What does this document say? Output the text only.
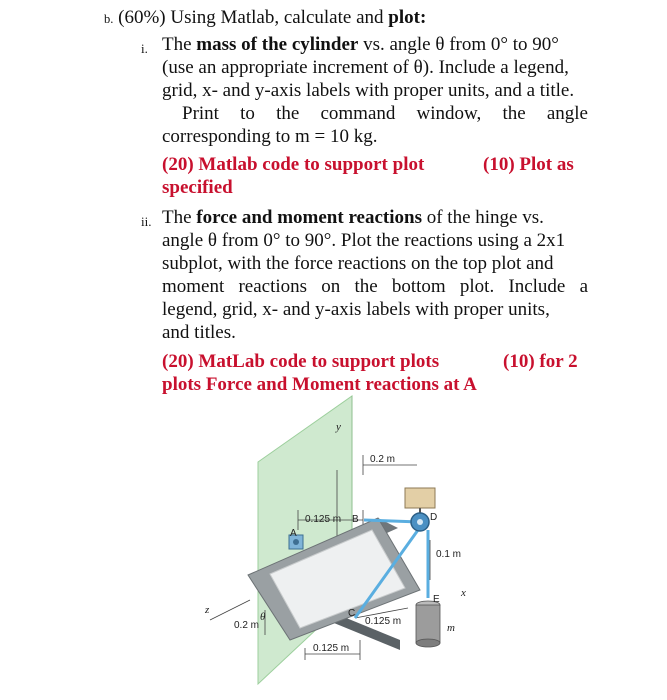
b. (60%) Using Matlab, calculate and plot:
i. The mass of the cylinder vs. angle θ from 0° to 90°
(use an appropriate increment of θ). Include a legend,
grid, x- and y-axis labels with proper units, and a title.
Print to the command window, the angle
corresponding to m = 10 kg.
(20) Matlab code to support plot	(10) Plot as
specified
ii. The force and moment reactions of the hinge vs.
angle θ from 0° to 90°. Plot the reactions using a 2x1
subplot, with the force reactions on the top plot and
moment reactions on the bottom plot. Include a
legend, grid, x- and y-axis labels with proper units,
and titles.
(20) MatLab code to support plots	(10) for 2
plots Force and Moment reactions at A
0.2 m
0.125 m B
A
D
0.1 m
E
x
y
z
m
C
0.125 m
0.2 m
θ
0.125 m
